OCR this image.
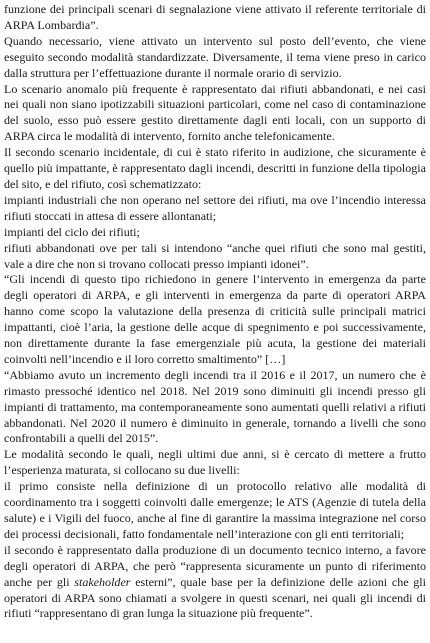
funzione dei principali scenari di segnalazione viene attivato il referente territoriale di ARPA Lombardia”.

Quando necessario, viene attivato un intervento sul posto dell’evento, che viene eseguito secondo modalità standardizzate. Diversamente, il tema viene preso in carico dalla struttura per l’effettuazione durante il normale orario di servizio.

Lo scenario anomalo più frequente è rappresentato dai rifiuti abbandonati, e nei casi nei quali non siano ipotizzabili situazioni particolari, come nel caso di contaminazione del suolo, esso può essere gestito direttamente dagli enti locali, con un supporto di ARPA circa le modalità di intervento, fornito anche telefonicamente.

Il secondo scenario incidentale, di cui è stato riferito in audizione, che sicuramente è quello più impattante, è rappresentato dagli incendi, descritti in funzione della tipologia del sito, e del rifiuto, così schematizzato:

impianti industriali che non operano nel settore dei rifiuti, ma ove l’incendio interessa rifiuti stoccati in attesa di essere allontanati;

impianti del ciclo dei rifiuti;

rifiuti abbandonati ove per tali si intendono “anche quei rifiuti che sono mal gestiti, vale a dire che non si trovano collocati presso impianti idonei”.

“Gli incendi di questo tipo richiedono in genere l’intervento in emergenza da parte degli operatori di ARPA, e gli interventi in emergenza da parte di operatori ARPA hanno come scopo la valutazione della presenza di criticità sulle principali matrici impattanti, cioè l’aria, la gestione delle acque di spegnimento e poi successivamente, non direttamente durante la fase emergenziale più acuta, la gestione dei materiali coinvolti nell’incendio e il loro corretto smaltimento” […]

“Abbiamo avuto un incremento degli incendi tra il 2016 e il 2017, un numero che è rimasto pressoché identico nel 2018. Nel 2019 sono diminuiti gli incendi presso gli impianti di trattamento, ma contemporaneamente sono aumentati quelli relativi a rifiuti abbandonati. Nel 2020 il numero è diminuito in generale, tornando a livelli che sono confrontabili a quelli del 2015”.

Le modalità secondo le quali, negli ultimi due anni, si è cercato di mettere a frutto l’esperienza maturata, si collocano su due livelli:

il primo consiste nella definizione di un protocollo relativo alle modalità di coordinamento tra i soggetti coinvolti dalle emergenze; le ATS (Agenzie di tutela della salute) e i Vigili del fuoco, anche al fine di garantire la massima integrazione nel corso dei processi decisionali, fatto fondamentale nell’interazione con gli enti territoriali;

il secondo è rappresentato dalla produzione di un documento tecnico interno, a favore degli operatori di ARPA, che però “rappresenta sicuramente un punto di riferimento anche per gli stakeholder esterni”, quale base per la definizione delle azioni che gli operatori di ARPA sono chiamati a svolgere in questi scenari, nei quali gli incendi di rifiuti “rappresentano di gran lunga la situazione più frequente”.
